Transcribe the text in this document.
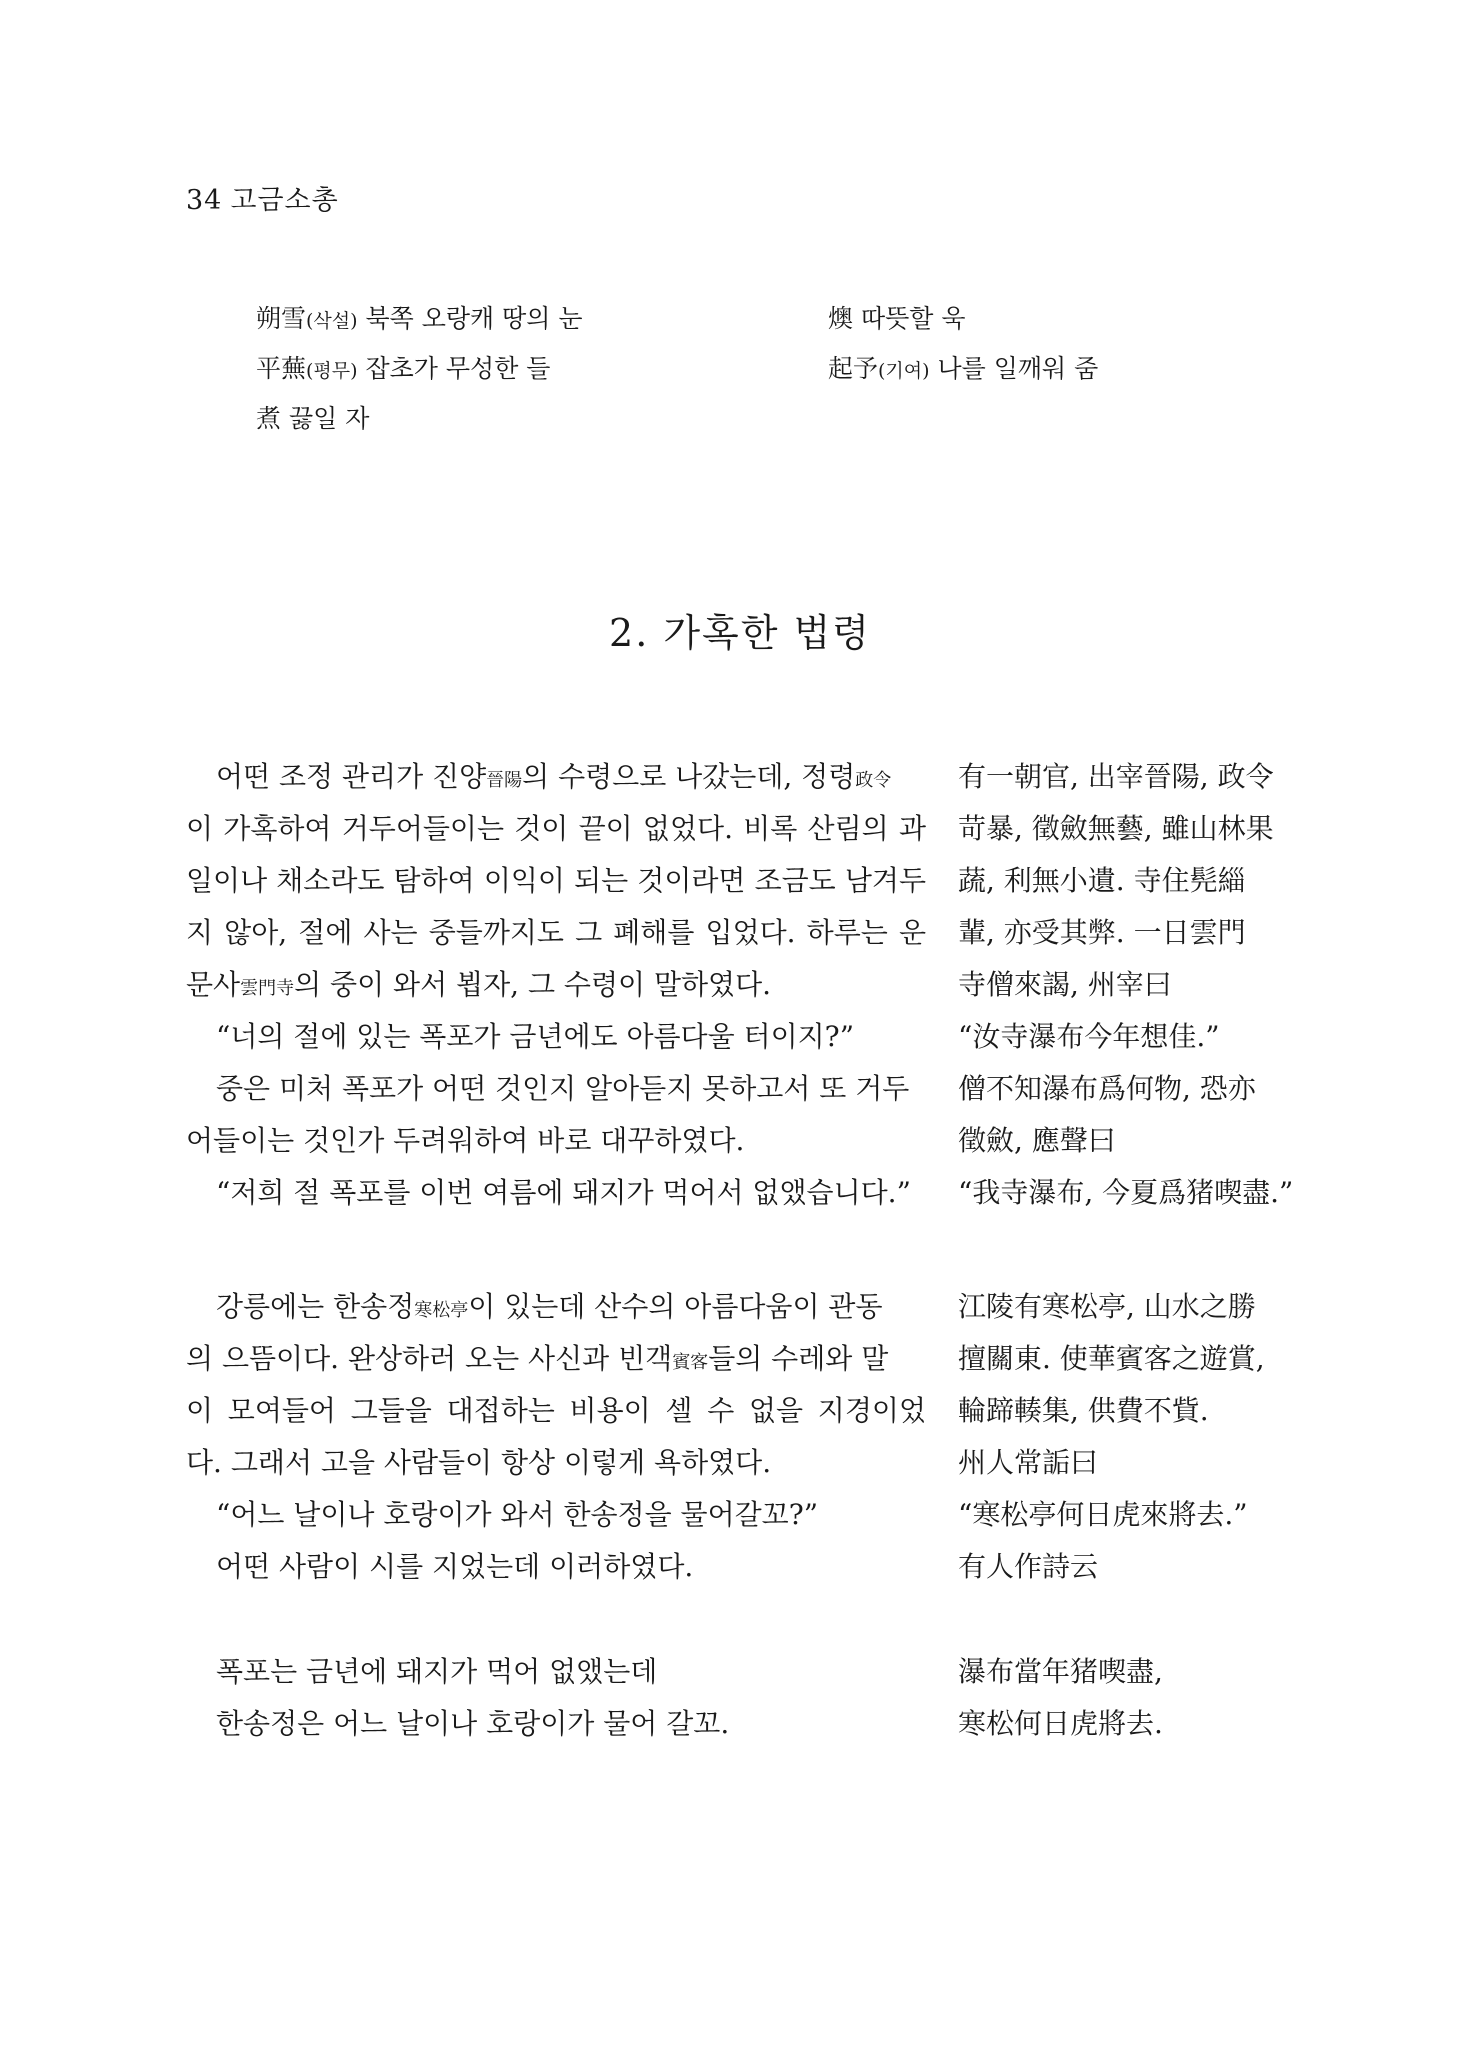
34 고금소총
朔雪(삭설) 북쪽 오랑캐 땅의 눈
平蕪(평무) 잡초가 무성한 들
煮 끓일 자
燠 따뜻할 욱
起予(기여) 나를 일깨워 줌
2. 가혹한 법령
어떤 조정 관리가 진양晉陽의 수령으로 나갔는데, 정령政令
이 가혹하여 거두어들이는 것이 끝이 없었다. 비록 산림의 과
일이나 채소라도 탐하여 이익이 되는 것이라면 조금도 남겨두
지 않아, 절에 사는 중들까지도 그 폐해를 입었다. 하루는 운
문사雲門寺의 중이 와서 뵙자, 그 수령이 말하였다.
“너의 절에 있는 폭포가 금년에도 아름다울 터이지?”
중은 미처 폭포가 어떤 것인지 알아듣지 못하고서 또 거두
어들이는 것인가 두려워하여 바로 대꾸하였다.
“저희 절 폭포를 이번 여름에 돼지가 먹어서 없앴습니다.”
有一朝官, 出宰晉陽, 政令
苛暴, 徵斂無藝, 雖山林果
蔬, 利無小遺. 寺住髡緇
輩, 亦受其弊. 一日雲門
寺僧來謁, 州宰曰
“汝寺瀑布今年想佳.”
僧不知瀑布爲何物, 恐亦
徵斂, 應聲曰
“我寺瀑布, 今夏爲猪喫盡.”
강릉에는 한송정寒松亭이 있는데 산수의 아름다움이 관동
의 으뜸이다. 완상하러 오는 사신과 빈객賓客들의 수레와 말
이 모여들어 그들을 대접하는 비용이 셀 수 없을 지경이었
다. 그래서 고을 사람들이 항상 이렇게 욕하였다.
“어느 날이나 호랑이가 와서 한송정을 물어갈꼬?”
어떤 사람이 시를 지었는데 이러하였다.
江陵有寒松亭, 山水之勝
擅關東. 使華賓客之遊賞,
輪蹄輳集, 供費不貲.
州人常詬曰
“寒松亭何日虎來將去.”
有人作詩云
폭포는 금년에 돼지가 먹어 없앴는데
한송정은 어느 날이나 호랑이가 물어 갈꼬.
瀑布當年猪喫盡,
寒松何日虎將去.
